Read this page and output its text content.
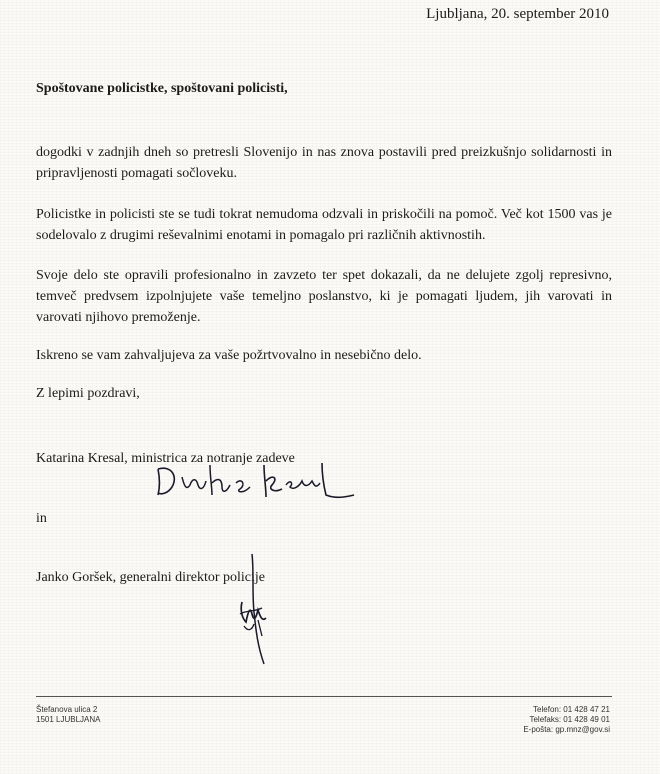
Ljubljana, 20. september 2010
Spoštovane policistke, spoštovani policisti,

dogodki v zadnjih dneh so pretresli Slovenijo in nas znova postavili pred preizkušnjo solidarnosti in pripravljenosti pomagati sočloveku.

Policistke in policisti ste se tudi tokrat nemudoma odzvali in priskočili na pomoč. Več kot 1500 vas je sodelovalo z drugimi reševalnimi enotami in pomagalo pri različnih aktivnostih.

Svoje delo ste opravili profesionalno in zavzeto ter spet dokazali, da ne delujete zgolj represivno, temveč predvsem izpolnjujete vaše temeljno poslanstvo, ki je pomagati ljudem, jih varovati in varovati njihovo premoženje.

Iskreno se vam zahvaljujeva za vaše požrtvovalno in nesebično delo.

Z lepimi pozdravi,
Katarina Kresal, ministrica za notranje zadeve
in
Janko Goršek, generalni direktor policije
Štefanova ulica 2
1501 LJUBLJANA
Telefon: 01 428 47 21
Telefaks: 01 428 49 01
E-pošta: gp.mnz@gov.si
